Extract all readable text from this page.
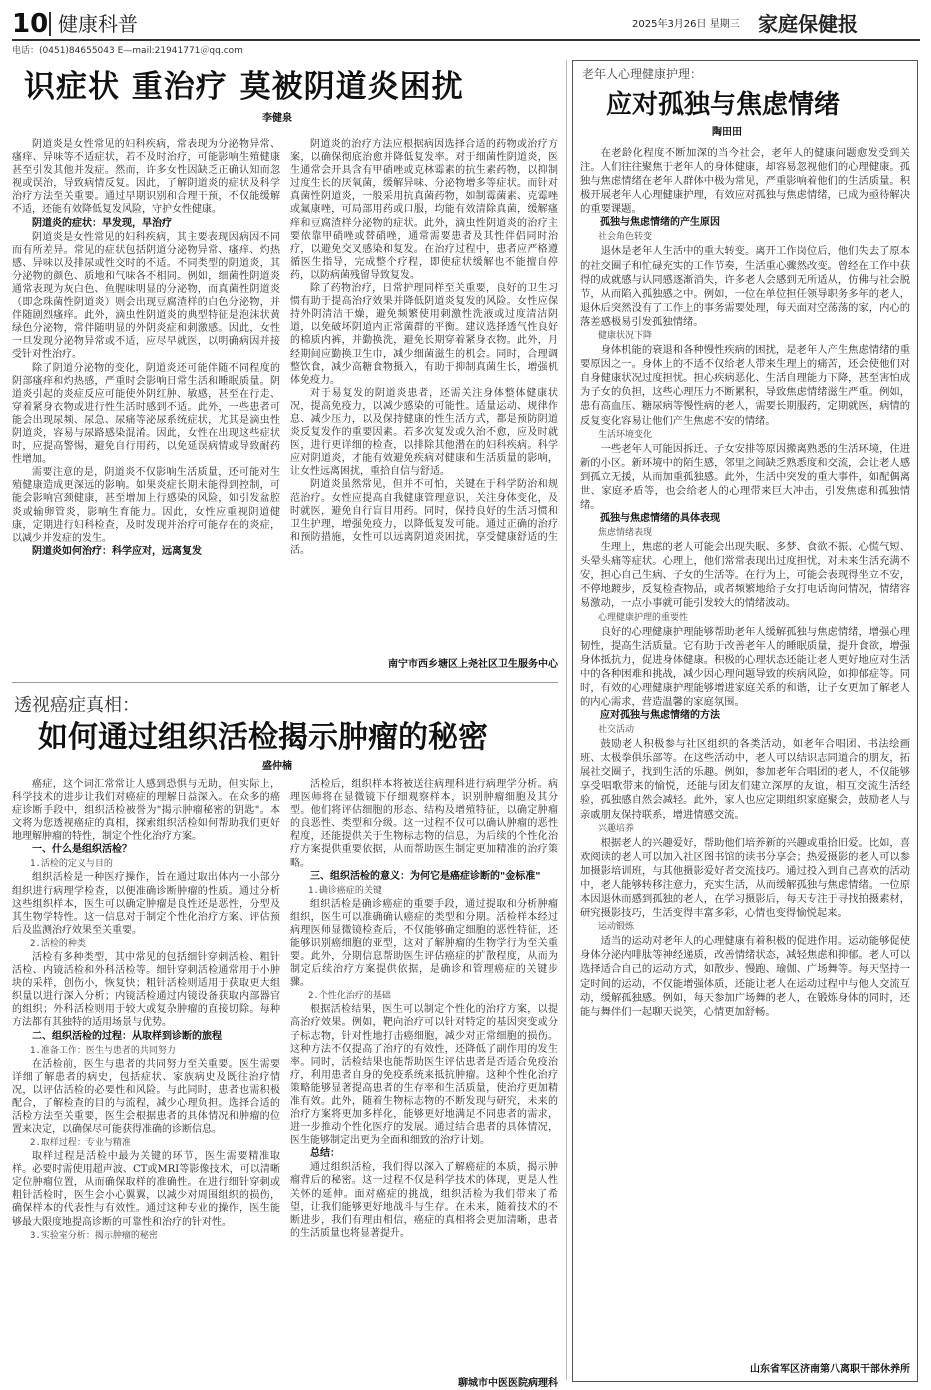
10 健康科普	2025年3月26日 星期三 家庭保健报
电话：(0451)84655043 E—mail:21941771＠qq.com
识症状 重治疗 莫被阴道炎困扰
李健泉

阴道炎是女性常见的妇科疾病，常表现为分泌物异常、瘙痒、异味等不适症状，若不及时治疗，可能影响生殖健康甚至引发其他并发症。然而，许多女性因缺乏正确认知而忽视或误治，导致病情反复。因此，了解阴道炎的症状及科学治疗方法至关重要。通过早期识别和合理干预，不仅能缓解不适，还能有效降低复发风险，守护女性健康。

阴道炎的症状：早发现，早治疗

阴道炎是女性常见的妇科疾病，其主要表现因病因不同而有所差异。常见的症状包括阴道分泌物异常、瘙痒、灼热感、异味以及排尿或性交时的不适。不同类型的阴道炎，其分泌物的颜色、质地和气味各不相同。例如，细菌性阴道炎通常表现为灰白色、鱼腥味明显的分泌物，而真菌性阴道炎（即念珠菌性阴道炎）则会出现豆腐渣样的白色分泌物，并伴随剧烈瘙痒。此外，滴虫性阴道炎的典型特征是泡沫状黄绿色分泌物，常伴随明显的外阴炎症和刺激感。因此，女性一旦发现分泌物异常或不适，应尽早就医，以明确病因并接受针对性治疗。

除了阴道分泌物的变化，阴道炎还可能伴随不同程度的阴部瘙痒和灼热感，严重时会影响日常生活和睡眠质量。阴道炎引起的炎症反应可能使外阴红肿、敏感，甚至在行走、穿着紧身衣物或进行性生活时感到不适。此外，一些患者可能会出现尿频、尿急、尿痛等泌尿系统症状，尤其是滴虫性阴道炎，容易与尿路感染混淆。因此，女性在出现这些症状时，应提高警惕，避免自行用药，以免延误病情或导致耐药性增加。

需要注意的是，阴道炎不仅影响生活质量，还可能对生殖健康造成更深远的影响。如果炎症长期未能得到控制，可能会影响宫颈健康，甚至增加上行感染的风险，如引发盆腔炎或输卵管炎，影响生育能力。因此，女性应重视阴道健康，定期进行妇科检查，及时发现并治疗可能存在的炎症，以减少并发症的发生。

阴道炎如何治疗：科学应对，远离复发

阴道炎的治疗方法应根据病因选择合适的药物或治疗方案，以确保彻底治愈并降低复发率。对于细菌性阴道炎，医生通常会开具含有甲硝唑或克林霉素的抗生素药物，以抑制过度生长的厌氧菌，缓解异味、分泌物增多等症状。而针对真菌性阴道炎，一般采用抗真菌药物，如制霉菌素、克霉唑或氟康唑，可局部用药或口服，均能有效清除真菌，缓解瘙痒和豆腐渣样分泌物的症状。此外，滴虫性阴道炎的治疗主要依靠甲硝唑或替硝唑，通常需要患者及其性伴侣同时治疗，以避免交叉感染和复发。在治疗过程中，患者应严格遵循医生指导，完成整个疗程，即使症状缓解也不能擅自停药，以防病菌残留导致复发。

除了药物治疗，日常护理同样至关重要，良好的卫生习惯有助于提高治疗效果并降低阴道炎复发的风险。女性应保持外阴清洁干燥，避免频繁使用刺激性洗液或过度清洁阴道，以免破坏阴道内正常菌群的平衡。建议选择透气性良好的棉质内裤，并勤换洗，避免长期穿着紧身衣物。此外，月经期间应勤换卫生巾，减少细菌滋生的机会。同时，合理调整饮食，减少高糖食物摄入，有助于抑制真菌生长，增强机体免疫力。

对于易复发的阴道炎患者，还需关注身体整体健康状况，提高免疫力，以减少感染的可能性。适量运动、规律作息、减少压力，以及保持健康的性生活方式，都是预防阴道炎反复发作的重要因素。若多次复发或久治不愈，应及时就医，进行更详细的检查，以排除其他潜在的妇科疾病。科学应对阴道炎，才能有效避免疾病对健康和生活质量的影响，让女性远离困扰，重拾自信与舒适。

阴道炎虽然常见，但并不可怕，关键在于科学防治和规范治疗。女性应提高自我健康管理意识，关注身体变化，及时就医，避免自行盲目用药。同时，保持良好的生活习惯和卫生护理，增强免疫力，以降低复发可能。通过正确的治疗和预防措施，女性可以远离阴道炎困扰，享受健康舒适的生活。

南宁市西乡塘区上尧社区卫生服务中心
透视癌症真相：
如何通过组织活检揭示肿瘤的秘密
盛仲楠

癌症，这个词汇常常让人感到恐惧与无助，但实际上，科学技术的进步让我们对癌症的理解日益深入。在众多的癌症诊断手段中，组织活检被誉为"揭示肿瘤秘密的钥匙"。本文将为您透视癌症的真相，探索组织活检如何帮助我们更好地理解肿瘤的特性，制定个性化治疗方案。

一、什么是组织活检？
1.活检的定义与目的

组织活检是一种医疗操作，旨在通过取出体内一小部分组织进行病理学检查，以便准确诊断肿瘤的性质。通过分析这些组织样本，医生可以确定肿瘤是良性还是恶性，分型及其生物学特性。这一信息对于制定个性化治疗方案、评估预后及监测治疗效果至关重要。

2.活检的种类

活检有多种类型，其中常见的包括细针穿刺活检、粗针活检、内镜活检和外科活检等。细针穿刺活检通常用于小肿块的采样，创伤小，恢复快；粗针活检则适用于获取更大组织量以进行深入分析；内镜活检通过内镜设备获取内部器官的组织；外科活检则用于较大或复杂肿瘤的直接切除。每种方法都有其独特的适用场景与优势。

二、组织活检的过程：从取样到诊断的旅程
1.准备工作：医生与患者的共同努力

在活检前，医生与患者的共同努力至关重要。医生需要详细了解患者的病史，包括症状、家族病史及既往治疗情况，以评估活检的必要性和风险。与此同时，患者也需积极配合，了解检查的目的与流程，减少心理负担。选择合适的活检方法至关重要，医生会根据患者的具体情况和肿瘤的位置来决定，以确保尽可能获得准确的诊断信息。

2.取样过程：专业与精准

取样过程是活检中最为关键的环节，医生需要精准取样。必要时需使用超声波、CT或MRI等影像技术，可以清晰定位肿瘤位置，从而确保取样的准确性。在进行细针穿刺或粗针活检时，医生会小心翼翼，以减少对周围组织的损伤，确保样本的代表性与有效性。通过这种专业的操作，医生能够最大限度地提高诊断的可靠性和治疗的针对性。

3.实验室分析：揭示肿瘤的秘密

活检后，组织样本将被送往病理科进行病理学分析。病理医师将在显微镜下仔细观察样本，识别肿瘤细胞及其分型。他们将评估细胞的形态、结构及增殖特征，以确定肿瘤的良恶性、类型和分级。这一过程不仅可以确认肿瘤的恶性程度，还能提供关于生物标志物的信息，为后续的个性化治疗方案提供重要依据，从而帮助医生制定更加精准的治疗策略。

三、组织活检的意义：为何它是癌症诊断的"金标准"
1.确诊癌症的关键

组织活检是确诊癌症的重要手段，通过提取和分析肿瘤组织，医生可以准确确认癌症的类型和分期。活检样本经过病理医师显微镜检查后，不仅能够确定细胞的恶性特征，还能够识别癌细胞的亚型，这对了解肿瘤的生物学行为至关重要。此外，分期信息帮助医生评估癌症的扩散程度，从而为制定后续治疗方案提供依据，是确诊和管理癌症的关键步骤。

2.个性化治疗的基础

根据活检结果，医生可以制定个性化的治疗方案，以提高治疗效果。例如，靶向治疗可以针对特定的基因突变或分子标志物，针对性地打击癌细胞，减少对正常细胞的损伤。这种方法不仅提高了治疗的有效性，还降低了副作用的发生率。同时，活检结果也能帮助医生评估患者是否适合免疫治疗，利用患者自身的免疫系统来抵抗肿瘤。这种个性化治疗策略能够显著提高患者的生存率和生活质量，使治疗更加精准有效。此外，随着生物标志物的不断发现与研究，未来的治疗方案将更加多样化，能够更好地满足不同患者的需求，进一步推动个性化医疗的发展。通过结合患者的具体情况，医生能够制定出更为全面和细致的治疗计划。

总结：

通过组织活检，我们得以深入了解癌症的本质，揭示肿瘤背后的秘密。这一过程不仅是科学技术的体现，更是人性关怀的延伸。面对癌症的挑战，组织活检为我们带来了希望，让我们能够更好地战斗与生存。在未来，随着技术的不断进步，我们有理由相信，癌症的真相将会更加清晰，患者的生活质量也将显著提升。

聊城市中医医院病理科
老年人心理健康护理：
应对孤独与焦虑情绪
陶田田

在老龄化程度不断加深的当今社会，老年人的健康问题愈发受到关注。人们往往聚焦于老年人的身体健康，却容易忽视他们的心理健康。孤独与焦虑情绪在老年人群体中极为常见，严重影响着他们的生活质量。积极开展老年人心理健康护理，有效应对孤独与焦虑情绪，已成为亟待解决的重要课题。

孤独与焦虑情绪的产生原因
社会角色转变

退休是老年人生活中的重大转变。离开工作岗位后，他们失去了原本的社交圈子和忙碌充实的工作节奏，生活重心骤然改变。曾经在工作中获得的成就感与认同感逐渐消失，许多老人会感到无所适从，仿佛与社会脱节，从而陷入孤独感之中。例如，一位在单位担任领导职务多年的老人，退休后突然没有了工作上的事务需要处理，每天面对空荡荡的家，内心的落差感极易引发孤独情绪。

健康状况下降

身体机能的衰退和各种慢性疾病的困扰，是老年人产生焦虑情绪的重要原因之一。身体上的不适不仅给老人带来生理上的痛苦，还会使他们对自身健康状况过度担忧。担心疾病恶化、生活自理能力下降，甚至害怕成为子女的负担，这些心理压力不断累积，导致焦虑情绪滋生严重。例如，患有高血压、糖尿病等慢性病的老人，需要长期服药，定期就医，病情的反复变化容易让他们产生焦虑不安的情绪。

生活环境变化

一些老年人可能因拆迁、子女安排等原因搬离熟悉的生活环境，住进新的小区。新环境中的陌生感，邻里之间缺乏熟悉度和交流，会让老人感到孤立无援，从而加重孤独感。此外，生活中突发的重大事件，如配偶离世、家庭矛盾等，也会给老人的心理带来巨大冲击，引发焦虑和孤独情绪。

孤独与焦虑情绪的具体表现
焦虑情绪表现

生理上，焦虑的老人可能会出现失眠、多梦、食欲不振、心慌气短、头晕头痛等症状。心理上，他们常常表现出过度担忧，对未来生活充满不安，担心自己生病、子女的生活等。在行为上，可能会表现得坐立不安，不停地踱步，反复检查物品，或者频繁地给子女打电话询问情况，情绪容易激动，一点小事就可能引发较大的情绪波动。

心理健康护理的重要性

良好的心理健康护理能够帮助老年人缓解孤独与焦虑情绪，增强心理韧性，提高生活质量。它有助于改善老年人的睡眠质量，提升食欲，增强身体抵抗力，促进身体健康。积极的心理状态还能让老人更好地应对生活中的各种困难和挑战，减少因心理问题导致的疾病风险，如抑郁症等。同时，有效的心理健康护理能够增进家庭关系的和谐，让子女更加了解老人的内心需求，营造温馨的家庭氛围。

应对孤独与焦虑情绪的方法
社交活动

鼓励老人积极参与社区组织的各类活动，如老年合唱团、书法绘画班、太极拳俱乐部等。在这些活动中，老人可以结识志同道合的朋友，拓展社交圈子，找到生活的乐趣。例如，参加老年合唱团的老人，不仅能够享受唱歌带来的愉悦，还能与团友们建立深厚的友谊，相互交流生活经验，孤独感自然会减轻。此外，家人也应定期组织家庭聚会，鼓励老人与亲戚朋友保持联系，增进情感交流。

兴趣培养

根据老人的兴趣爱好，帮助他们培养新的兴趣或重拾旧爱。比如，喜欢阅读的老人可以加入社区图书馆的读书分享会；热爱摄影的老人可以参加摄影培训班，与其他摄影爱好者交流技巧。通过投入到自己喜欢的活动中，老人能够转移注意力，充实生活，从而缓解孤独与焦虑情绪。一位原本因退休而感到孤独的老人，在学习摄影后，每天专注于寻找拍摄素材，研究摄影技巧，生活变得丰富多彩，心情也变得愉悦起来。

运动锻炼

适当的运动对老年人的心理健康有着积极的促进作用。运动能够促使身体分泌内啡肽等神经递质，改善情绪状态，减轻焦虑和抑郁。老人可以选择适合自己的运动方式，如散步、慢跑、瑜伽、广场舞等。每天坚持一定时间的运动，不仅能增强体质，还能让老人在运动过程中与他人交流互动，缓解孤独感。例如，每天参加广场舞的老人，在锻炼身体的同时，还能与舞伴们一起聊天说笑，心情更加舒畅。

山东省军区济南第八离职干部休养所
